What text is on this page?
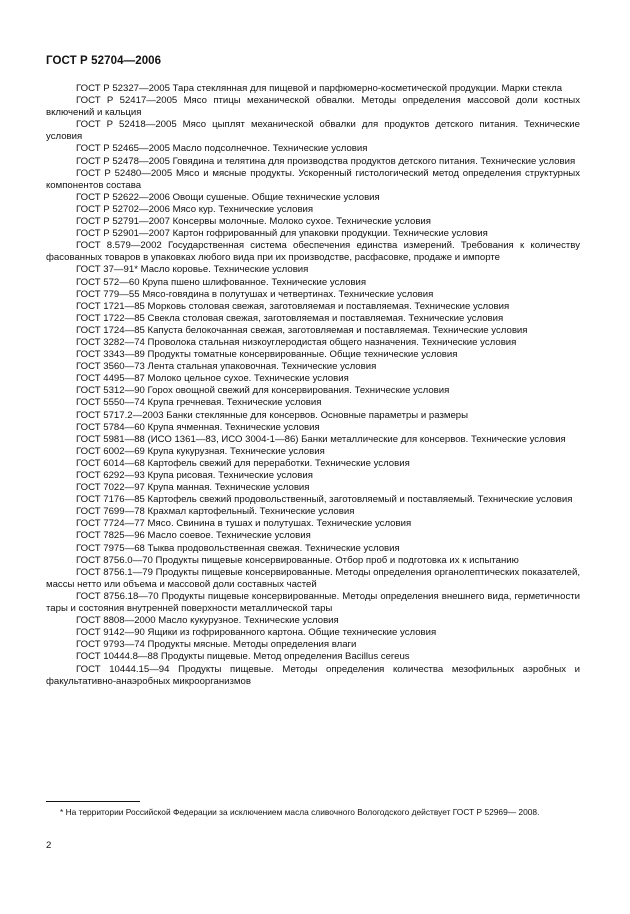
ГОСТ Р 52704—2006

ГОСТ Р 52327—2005 Тара стеклянная для пищевой и парфюмерно-косметической продукции. Марки стекла

ГОСТ Р 52417—2005 Мясо птицы механической обвалки. Методы определения массовой доли костных включений и кальция

ГОСТ Р 52418—2005 Мясо цыплят механической обвалки для продуктов детского питания. Технические условия

ГОСТ Р 52465—2005 Масло подсолнечное. Технические условия

ГОСТ Р 52478—2005 Говядина и телятина для производства продуктов детского питания. Технические условия

ГОСТ Р 52480—2005 Мясо и мясные продукты. Ускоренный гистологический метод определения структурных компонентов состава

ГОСТ Р 52622—2006 Овощи сушеные. Общие технические условия

ГОСТ Р 52702—2006 Мясо кур. Технические условия

ГОСТ Р 52791—2007 Консервы молочные. Молоко сухое. Технические условия

ГОСТ Р 52901—2007 Картон гофрированный для упаковки продукции. Технические условия

ГОСТ 8.579—2002 Государственная система обеспечения единства измерений. Требования к количеству фасованных товаров в упаковках любого вида при их производстве, расфасовке, продаже и импорте

ГОСТ 37—91* Масло коровье. Технические условия

ГОСТ 572—60 Крупа пшено шлифованное. Технические условия

ГОСТ 779—55 Мясо-говядина в полутушах и четвертинах. Технические условия

ГОСТ 1721—85 Морковь столовая свежая, заготовляемая и поставляемая. Технические условия

ГОСТ 1722—85 Свекла столовая свежая, заготовляемая и поставляемая. Технические условия

ГОСТ 1724—85 Капуста белокочанная свежая, заготовляемая и поставляемая. Технические условия

ГОСТ 3282—74 Проволока стальная низкоуглеродистая общего назначения. Технические условия

ГОСТ 3343—89 Продукты томатные консервированные. Общие технические условия

ГОСТ 3560—73 Лента стальная упаковочная. Технические условия

ГОСТ 4495—87 Молоко цельное сухое. Технические условия

ГОСТ 5312—90 Горох овощной свежий для консервирования. Технические условия

ГОСТ 5550—74 Крупа гречневая. Технические условия

ГОСТ 5717.2—2003 Банки стеклянные для консервов. Основные параметры и размеры

ГОСТ 5784—60 Крупа ячменная. Технические условия

ГОСТ 5981—88 (ИСО 1361—83, ИСО 3004-1—86) Банки металлические для консервов. Технические условия

ГОСТ 6002—69 Крупа кукурузная. Технические условия

ГОСТ 6014—68 Картофель свежий для переработки. Технические условия

ГОСТ 6292—93 Крупа рисовая. Технические условия

ГОСТ 7022—97 Крупа манная. Технические условия

ГОСТ 7176—85 Картофель свежий продовольственный, заготовляемый и поставляемый. Технические условия

ГОСТ 7699—78 Крахмал картофельный. Технические условия

ГОСТ 7724—77 Мясо. Свинина в тушах и полутушах. Технические условия

ГОСТ 7825—96 Масло соевое. Технические условия

ГОСТ 7975—68 Тыква продовольственная свежая. Технические условия

ГОСТ 8756.0—70 Продукты пищевые консервированные. Отбор проб и подготовка их к испытанию

ГОСТ 8756.1—79 Продукты пищевые консервированные. Методы определения органолептических показателей, массы нетто или объема и массовой доли составных частей

ГОСТ 8756.18—70 Продукты пищевые консервированные. Методы определения внешнего вида, герметичности тары и состояния внутренней поверхности металлической тары

ГОСТ 8808—2000 Масло кукурузное. Технические условия

ГОСТ 9142—90 Ящики из гофрированного картона. Общие технические условия

ГОСТ 9793—74 Продукты мясные. Методы определения влаги

ГОСТ 10444.8—88 Продукты пищевые. Метод определения Bacillus cereus

ГОСТ 10444.15—94 Продукты пищевые. Методы определения количества мезофильных аэробных и факультативно-анаэробных микроорганизмов

* На территории Российской Федерации за исключением масла сливочного Вологодского действует ГОСТ Р 52969— 2008.

2
